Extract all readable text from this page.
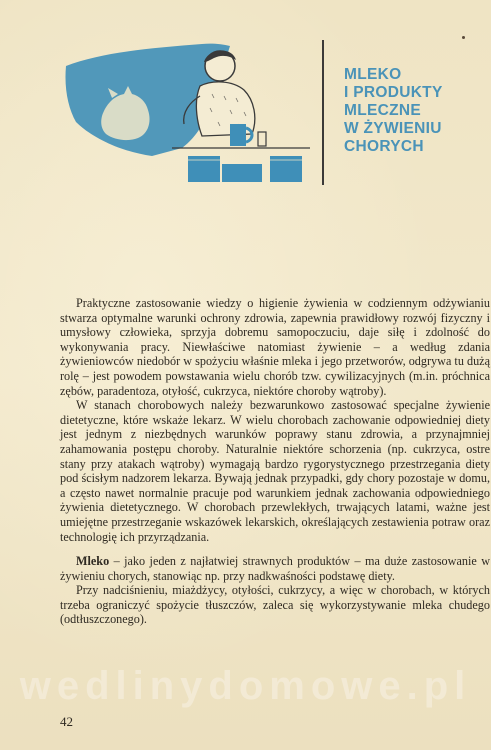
MLEKO
I PRODUKTY
MLECZNE
W ŻYWIENIU
CHORYCH

Praktyczne zastosowanie wiedzy o higienie żywienia w codziennym odżywianiu stwarza optymalne warunki ochrony zdrowia, zapewnia prawidłowy rozwój fizyczny i umysłowy człowieka, sprzyja dobremu samopoczuciu, daje siłę i zdolność do wykonywania pracy. Niewłaściwe natomiast żywienie – a według zdania żywieniowców niedobór w spożyciu właśnie mleka i jego przetworów, odgrywa tu dużą rolę – jest powodem powstawania wielu chorób tzw. cywilizacyjnych (m.in. próchnica zębów, paradentoza, otyłość, cukrzyca, niektóre choroby wątroby).

W stanach chorobowych należy bezwarunkowo zastosować specjalne żywienie dietetyczne, które wskaże lekarz. W wielu chorobach zachowanie odpowiedniej diety jest jednym z niezbędnych warunków poprawy stanu zdrowia, a przynajmniej zahamowania postępu choroby. Naturalnie niektóre schorzenia (np. cukrzyca, ostre stany przy atakach wątroby) wymagają bardzo rygorystycznego przestrzegania diety pod ścisłym nadzorem lekarza. Bywają jednak przypadki, gdy chory pozostaje w domu, a często nawet normalnie pracuje pod warunkiem jednak zachowania odpowiedniego żywienia dietetycznego. W chorobach przewlekłych, trwających latami, ważne jest umiejętne przestrzeganie wskazówek lekarskich, określających zestawienia potraw oraz technologię ich przyrządzania.

Mleko – jako jeden z najłatwiej strawnych produktów – ma duże zastosowanie w żywieniu chorych, stanowiąc np. przy nadkwaśności podstawę diety.

Przy nadciśnieniu, miażdżycy, otyłości, cukrzycy, a więc w chorobach, w których trzeba ograniczyć spożycie tłuszczów, zaleca się wykorzystywanie mleka chudego (odtłuszczonego).

wedlinydomowe.pl
42
